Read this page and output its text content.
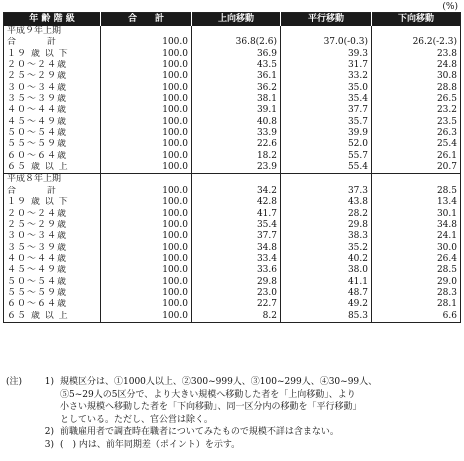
(%)
年 齢 階 級	合　　計	上向移動	平行移動	下向移動
平成９年上期				
合　　　計	100.0	36.8(2.6)	37.0(-0.3)	26.2(-2.3)
１９ 歳 以 下	100.0	36.9	39.3	23.8
２０～２４歳	100.0	43.5	31.7	24.8
２５～２９歳	100.0	36.1	33.2	30.8
３０～３４歳	100.0	36.2	35.0	28.8
３５～３９歳	100.0	38.1	35.4	26.5
４０～４４歳	100.0	39.1	37.7	23.2
４５～４９歳	100.0	40.8	35.7	23.5
５０～５４歳	100.0	33.9	39.9	26.3
５５～５９歳	100.0	22.6	52.0	25.4
６０～６４歳	100.0	18.2	55.7	26.1
６５ 歳 以 上	100.0	23.9	55.4	20.7
平成８年上期				
合　　　計	100.0	34.2	37.3	28.5
１９ 歳 以 下	100.0	42.8	43.8	13.4
２０～２４歳	100.0	41.7	28.2	30.1
２５～２９歳	100.0	35.4	29.8	34.8
３０～３４歳	100.0	37.7	38.3	24.1
３５～３９歳	100.0	34.8	35.2	30.0
４０～４４歳	100.0	33.4	40.2	26.4
４５～４９歳	100.0	33.6	38.0	28.5
５０～５４歳	100.0	29.8	41.1	29.0
５５～５９歳	100.0	23.0	48.7	28.3
６０～６４歳	100.0	22.7	49.2	28.1
６５ 歳 以 上	100.0	8.2	85.3	6.6
(注)	1) 規模区分は、①1000人以上、②300~999人、③100~299人、④30~99人、
⑤5~29人の5区分で、より大きい規模へ移動した者を「上向移動」、より
小さい規模へ移動した者を「下向移動」、同一区分内の移動を「平行移動」
としている。ただし、官公営は除く。
2) 前職雇用者で調査時在職者についてみたもので規模不詳は含まない。
3) (　) 内は、前年同期差（ポイント）を示す。
